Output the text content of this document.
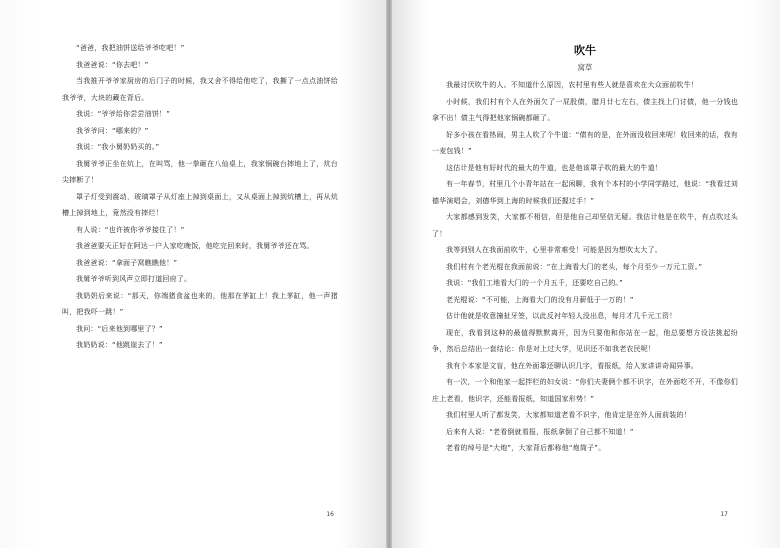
“爸爸，我把油饼送给爷爷吃吧！”

我爸爸说：“你去吧！”

当我推开爷爷家厨房的后门子的时候，我又舍不得给他吃了，我撕了一点点油饼给我爷爷，大块的藏在背后。

我说：“爷爷给你尝尝油饼！”

我爷爷问：“哪来的？”

我说：“我小舅奶奶买的。”

我舅爷爷正坐在炕上，在叫骂，他一拳砸在八仙桌上，我家锅碗台摔地上了，炕台尖摔断了！

罩子灯受到震动，玻璃罩子从灯座上掉到桌面上，又从桌面上掉到炕槽上，再从炕槽上掉到地上，竟然没有摔烂！

有人说：“也许被你爷爷接住了！”

我爸爸要天正好在阿达一户人家吃晚饭，他吃完回来时，我舅爷爷还在骂。

我爸爸说：“拿面子窝瞧瞧他！”

我舅爷爷听到风声立即打道回府了。

我奶奶后来说：“那天，你端猪食盆也来的，他那在茅缸上！我上茅缸，他一声猪叫，把我吓一跳！”

我问：“后来他到哪里了？”

我奶奶说：“他跳崖去了！”

16
吹牛
窝草

我最讨厌吹牛的人。不知道什么原因，农村里有些人就是喜欢在大众面前吹牛！

小时候，我们村有个人在外面欠了一屁股债，腊月廿七左右，债主找上门讨债，他一分钱也拿不出！债主气得把他家锅碗都砸了。

好多小孩在看热闹，男主人吹了个牛道：“债有的是，在外面没收回来呢！收回来的话，我有一麦包钱！”

这估计是他有好时代的最大的牛道，也是他该罩子吹的最大的牛道！

有一年春节，村里几个小青年站在一起闲聊，我有个本村的小学同学路过，他说：“我看过刘德华演唱会，刘德华到上海的时候我们还握过手！”

大家都感到发笑，大家都不相信，但是他自己却坚信无疑。我估计他是在吹牛，有点吹过头了！

我等到别人在我面前吹牛，心里非常难受！可能是因为想吹太大了。

我们村有个老光棍在我面前说：“在上海看大门的老头，每个月至少一万元工资。”

我说：“我们工地看大门的一个月五千，还要吃自己的。”

老光棍说：“不可能，上海看大门的没有月薪低于一万的！”

估计他就是收意撞扯牙签，以此反衬年轻人没出息，每月才几千元工资！

现在，我看到这种的最值得默默离开，因为只要他和你站在一起，他总要想方设法挑起纷争，然后总结出一套结论：你是对上过大学，见识还不如我老农民呢！

我有个本家是文盲，他在外面靠还聊认识几字，看报纸，给人家讲讲奇闻异事。

有一次，一个和他家一起拌栏的妇女说：“你们夫妻俩个都不识字，在外面吃不开，不像你们庄上老看，他识字，还能看报纸，知道国家形势！”

我们村里人听了都发笑，大家都知道老看不识字，他肯定是在外人面前装的！

后来有人说：“老看倒就看报，报纸拿倒了自己都不知道！”

老看的绰号是“大炮”，大家背后都称他“炮筒子”。

17
